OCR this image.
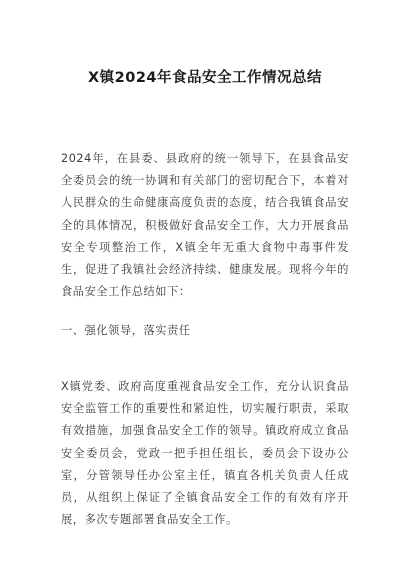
X镇2024年食品安全工作情况总结

2024年，在县委、县政府的统一领导下，在县食品安全委员会的统一协调和有关部门的密切配合下，本着对人民群众的生命健康高度负责的态度，结合我镇食品安全的具体情况，积极做好食品安全工作，大力开展食品安全专项整治工作，X镇全年无重大食物中毒事件发生，促进了我镇社会经济持续、健康发展。现将今年的食品安全工作总结如下：

一、强化领导，落实责任

X镇党委、政府高度重视食品安全工作，充分认识食品安全监管工作的重要性和紧迫性，切实履行职责，采取有效措施，加强食品安全工作的领导。镇政府成立食品安全委员会，党政一把手担任组长，委员会下设办公室，分管领导任办公室主任，镇直各机关负责人任成员，从组织上保证了全镇食品安全工作的有效有序开展，多次专题部署食品安全工作。
